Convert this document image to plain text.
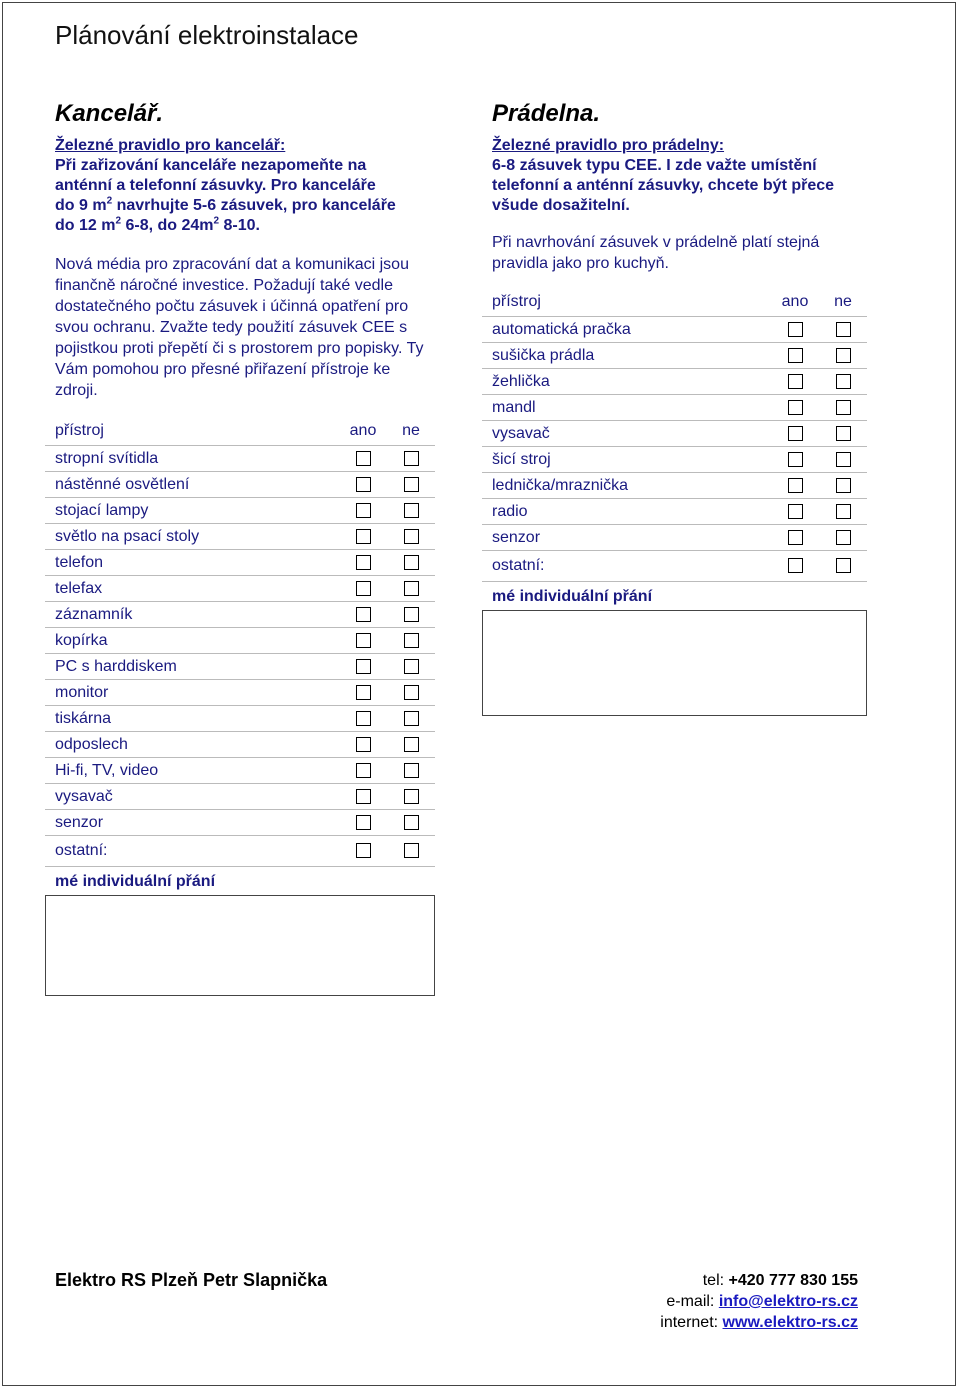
Plánování elektroinstalace
Kancelář.
Železné pravidlo pro kancelář:
Při zařizování kanceláře nezapomeňte na
anténní a telefonní zásuvky. Pro kanceláře
do 9 $m^2$ navrhujte 5-6 zásuvek, pro kanceláře
do 12 $m^2$ 6-8, do $24m^2$ 8-10.
Nová média pro zpracování dat a komunikaci jsou finančně náročné investice. Požadují také vedle dostatečného počtu zásuvek i účinná opatření pro svou ochranu. Zvažte tedy použití zásuvek CEE s pojistkou proti přepětí či s prostorem pro popisky. Ty Vám pomohou pro přesné přiřazení přístroje ke zdroji.
přístroj	ano	ne
stropní svítidla		
nástěnné osvětlení		
stojací lampy		
světlo na psací stoly		
telefon		
telefax		
záznamník		
kopírka		
PC s harddiskem		
monitor		
tiskárna		
odposlech		
Hi-fi, TV, video		
vysavač		
senzor		
ostatní:		
mé individuální přání
Prádelna.
Železné pravidlo pro prádelny:
6-8 zásuvek typu CEE. I zde važte umístění telefonní a anténní zásuvky, chcete být přece všude dosažitelní.
Při navrhování zásuvek v prádelně platí stejná pravidla jako pro kuchyň.
přístroj	ano	ne
automatická pračka		
sušička prádla		
žehlička		
mandl		
vysavač		
šicí stroj		
lednička/mraznička		
radio		
senzor		
ostatní:		
mé individuální přání
Elektro RS Plzeň Petr Slapnička	tel: +420 777 830 155
e-mail: info@elektro-rs.cz
internet: www.elektro-rs.cz
